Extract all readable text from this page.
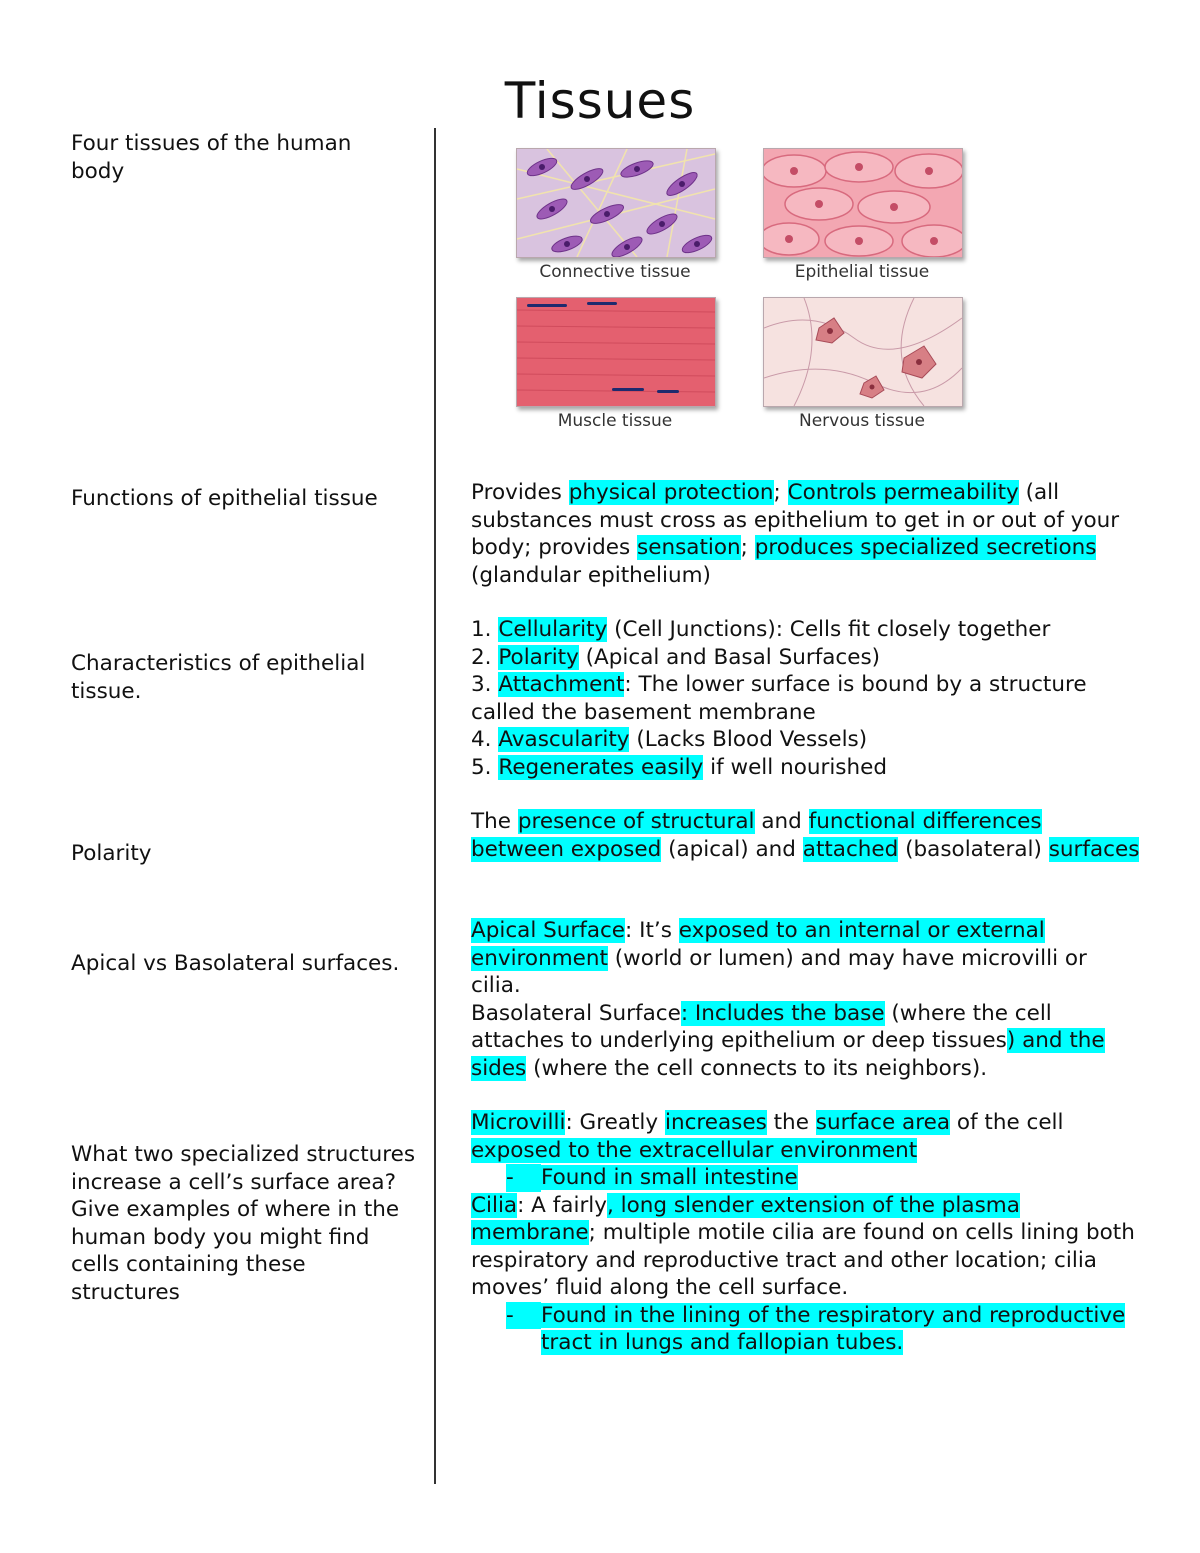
Tissues
Connective tissue	Epithelial tissue
Muscle tissue	Nervous tissue
Four tissues of the human body
Functions of epithelial tissue
Characteristics of epithelial tissue.
Polarity
Apical vs Basolateral surfaces.
What two specialized structures increase a cell’s surface area? Give examples of where in the human body you might find cells containing these structures
Provides physical protection; Controls permeability (all substances must cross as epithelium to get in or out of your body; provides sensation; produces specialized secretions (glandular epithelium)

1. Cellularity (Cell Junctions): Cells fit closely together

2. Polarity (Apical and Basal Surfaces)

3. Attachment: The lower surface is bound by a structure called the basement membrane

4. Avascularity (Lacks Blood Vessels)

5. Regenerates easily if well nourished

The presence of structural and functional differences between exposed (apical) and attached (basolateral) surfaces

Apical Surface: It’s exposed to an internal or external environment (world or lumen) and may have microvilli or cilia.

Basolateral Surface: Includes the base (where the cell attaches to underlying epithelium or deep tissues) and the sides (where the cell connects to its neighbors).

Microvilli: Greatly increases the surface area of the cell exposed to the extracellular environment

- Found in small intestine

Cilia: A fairly, long slender extension of the plasma membrane; multiple motile cilia are found on cells lining both respiratory and reproductive tract and other location; cilia moves’ fluid along the cell surface.

- Found in the lining of the respiratory and reproductive tract in lungs and fallopian tubes.
